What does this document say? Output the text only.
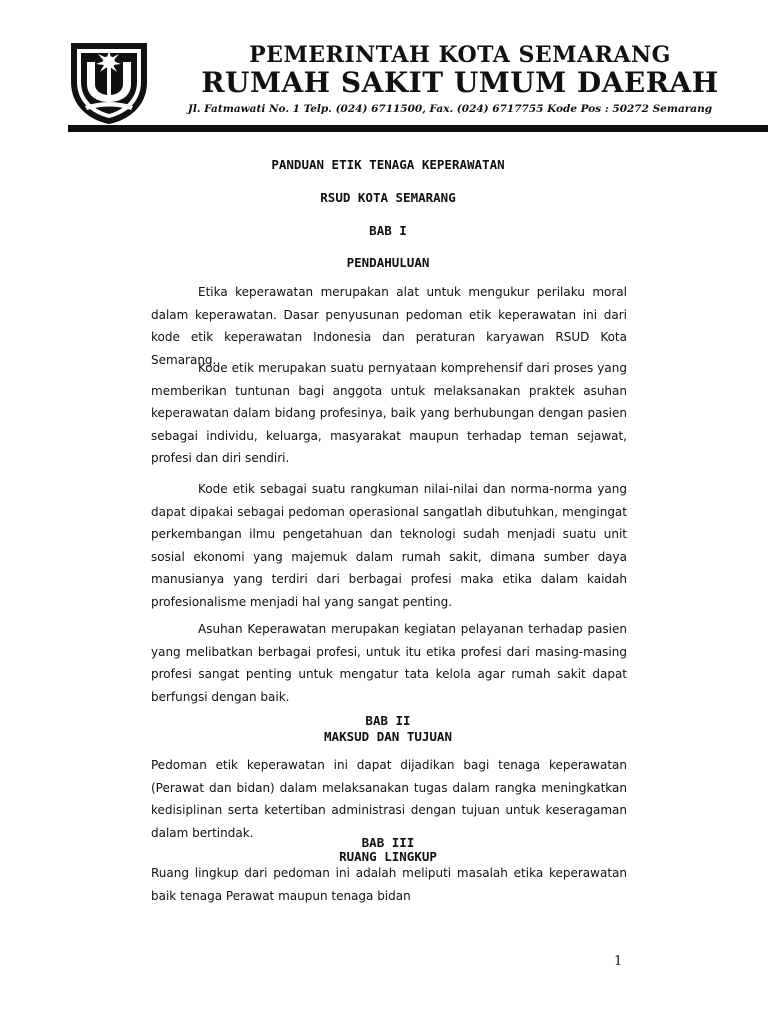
PEMERINTAH KOTA SEMARANG

RUMAH SAKIT UMUM DAERAH

Jl. Fatmawati No. 1 Telp. (024) 6711500, Fax. (024) 6717755 Kode Pos : 50272 Semarang

PANDUAN ETIK TENAGA KEPERAWATAN

RSUD KOTA SEMARANG

BAB I

PENDAHULUAN

Etika keperawatan merupakan alat untuk mengukur perilaku moral dalam keperawatan. Dasar penyusunan pedoman etik keperawatan ini dari kode etik keperawatan Indonesia dan peraturan karyawan RSUD Kota Semarang.

Kode etik merupakan suatu pernyataan komprehensif dari proses yang memberikan tuntunan bagi anggota untuk melaksanakan praktek asuhan keperawatan dalam bidang profesinya, baik yang berhubungan dengan pasien sebagai individu, keluarga, masyarakat maupun terhadap teman sejawat, profesi dan diri sendiri.

Kode etik sebagai suatu rangkuman nilai-nilai dan norma-norma yang dapat dipakai sebagai pedoman operasional sangatlah dibutuhkan, mengingat perkembangan ilmu pengetahuan dan teknologi sudah menjadi suatu unit sosial ekonomi yang majemuk dalam rumah sakit, dimana sumber daya manusianya yang terdiri dari berbagai profesi maka etika dalam kaidah profesionalisme menjadi hal yang sangat penting.

Asuhan Keperawatan merupakan kegiatan pelayanan terhadap pasien yang melibatkan berbagai profesi, untuk itu etika profesi dari masing-masing profesi sangat penting untuk mengatur tata kelola agar rumah sakit dapat berfungsi dengan baik.

BAB II

MAKSUD DAN TUJUAN

Pedoman etik keperawatan ini dapat dijadikan bagi tenaga keperawatan (Perawat dan bidan) dalam melaksanakan tugas dalam rangka meningkatkan kedisiplinan serta ketertiban administrasi dengan tujuan untuk keseragaman dalam bertindak.

BAB III

RUANG LINGKUP

Ruang lingkup dari pedoman ini adalah meliputi masalah etika keperawatan baik tenaga Perawat maupun tenaga bidan

1
